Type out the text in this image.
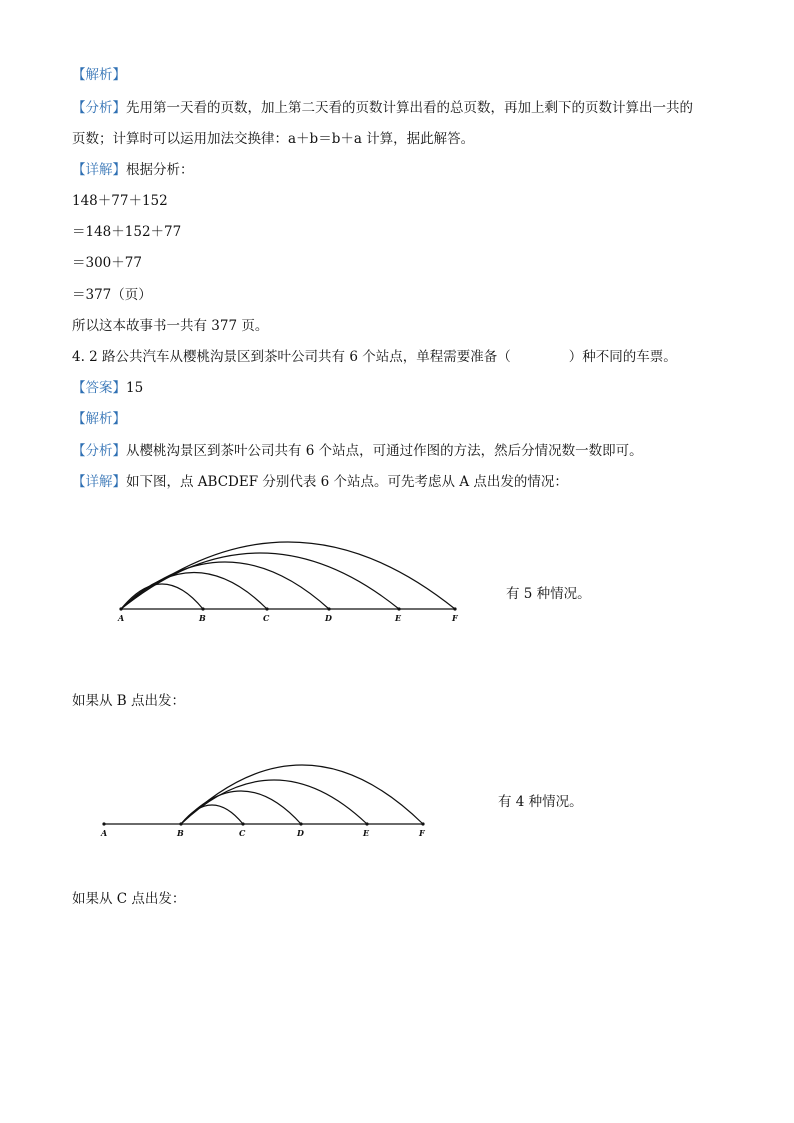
【解析】
【分析】先用第一天看的页数，加上第二天看的页数计算出看的总页数，再加上剩下的页数计算出一共的
页数；计算时可以运用加法交换律：a＋b＝b＋a 计算，据此解答。
【详解】根据分析：
148＋77＋152
＝148＋152＋77
＝300＋77
＝377（页）
所以这本故事书一共有 377 页。
4. 2 路公共汽车从樱桃沟景区到茶叶公司共有 6 个站点，单程需要准备（	）种不同的车票。
【答案】15
【解析】
【分析】从樱桃沟景区到茶叶公司共有 6 个站点，可通过作图的方法，然后分情况数一数即可。
【详解】如下图，点 ABCDEF 分别代表 6 个站点。可先考虑从 A 点出发的情况：
A	B	C	D	E	F
有 5 种情况。
如果从 B 点出发：
A	B	C	D	E	F
有 4 种情况。
如果从 C 点出发：
